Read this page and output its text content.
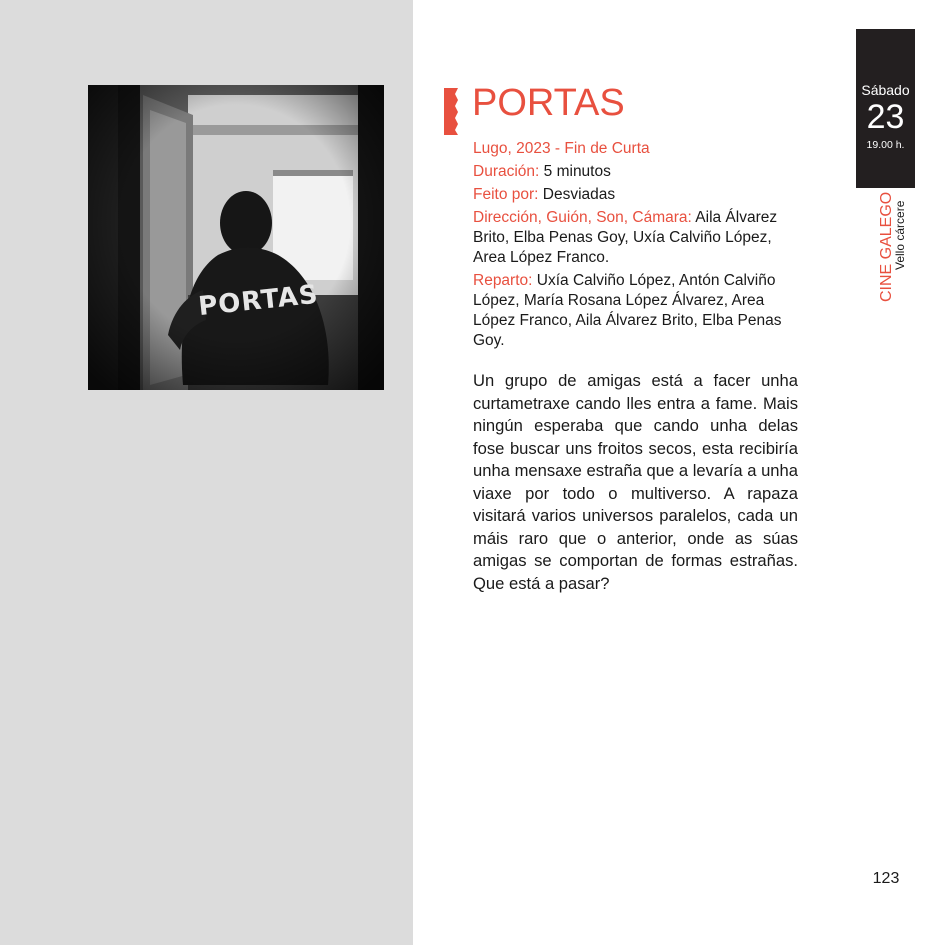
PORTAS

Lugo, 2023 - Fin de Curta

Duración: 5 minutos

Feito por: Desviadas

Dirección, Guión, Son, Cámara: Aila Álvarez Brito, Elba Penas Goy, Uxía Calviño López, Area López Franco.

Reparto: Uxía Calviño López, Antón Calviño López, María Rosana López Álvarez, Area López Franco, Aila Álvarez Brito, Elba Penas Goy.

Un grupo de amigas está a facer unha curtametraxe cando lles entra a fame. Mais ningún esperaba que cando unha delas fose buscar uns froitos secos, esta recibiría unha mensaxe estraña que a levaría a unha viaxe por todo o multiverso. A rapaza visitará varios universos paralelos, cada un máis raro que o anterior, onde as súas amigas se comportan de formas estrañas. Que está a pasar?

Sábado
23
19.00 h.
CINE GALEGO
Vello cárcere
123
